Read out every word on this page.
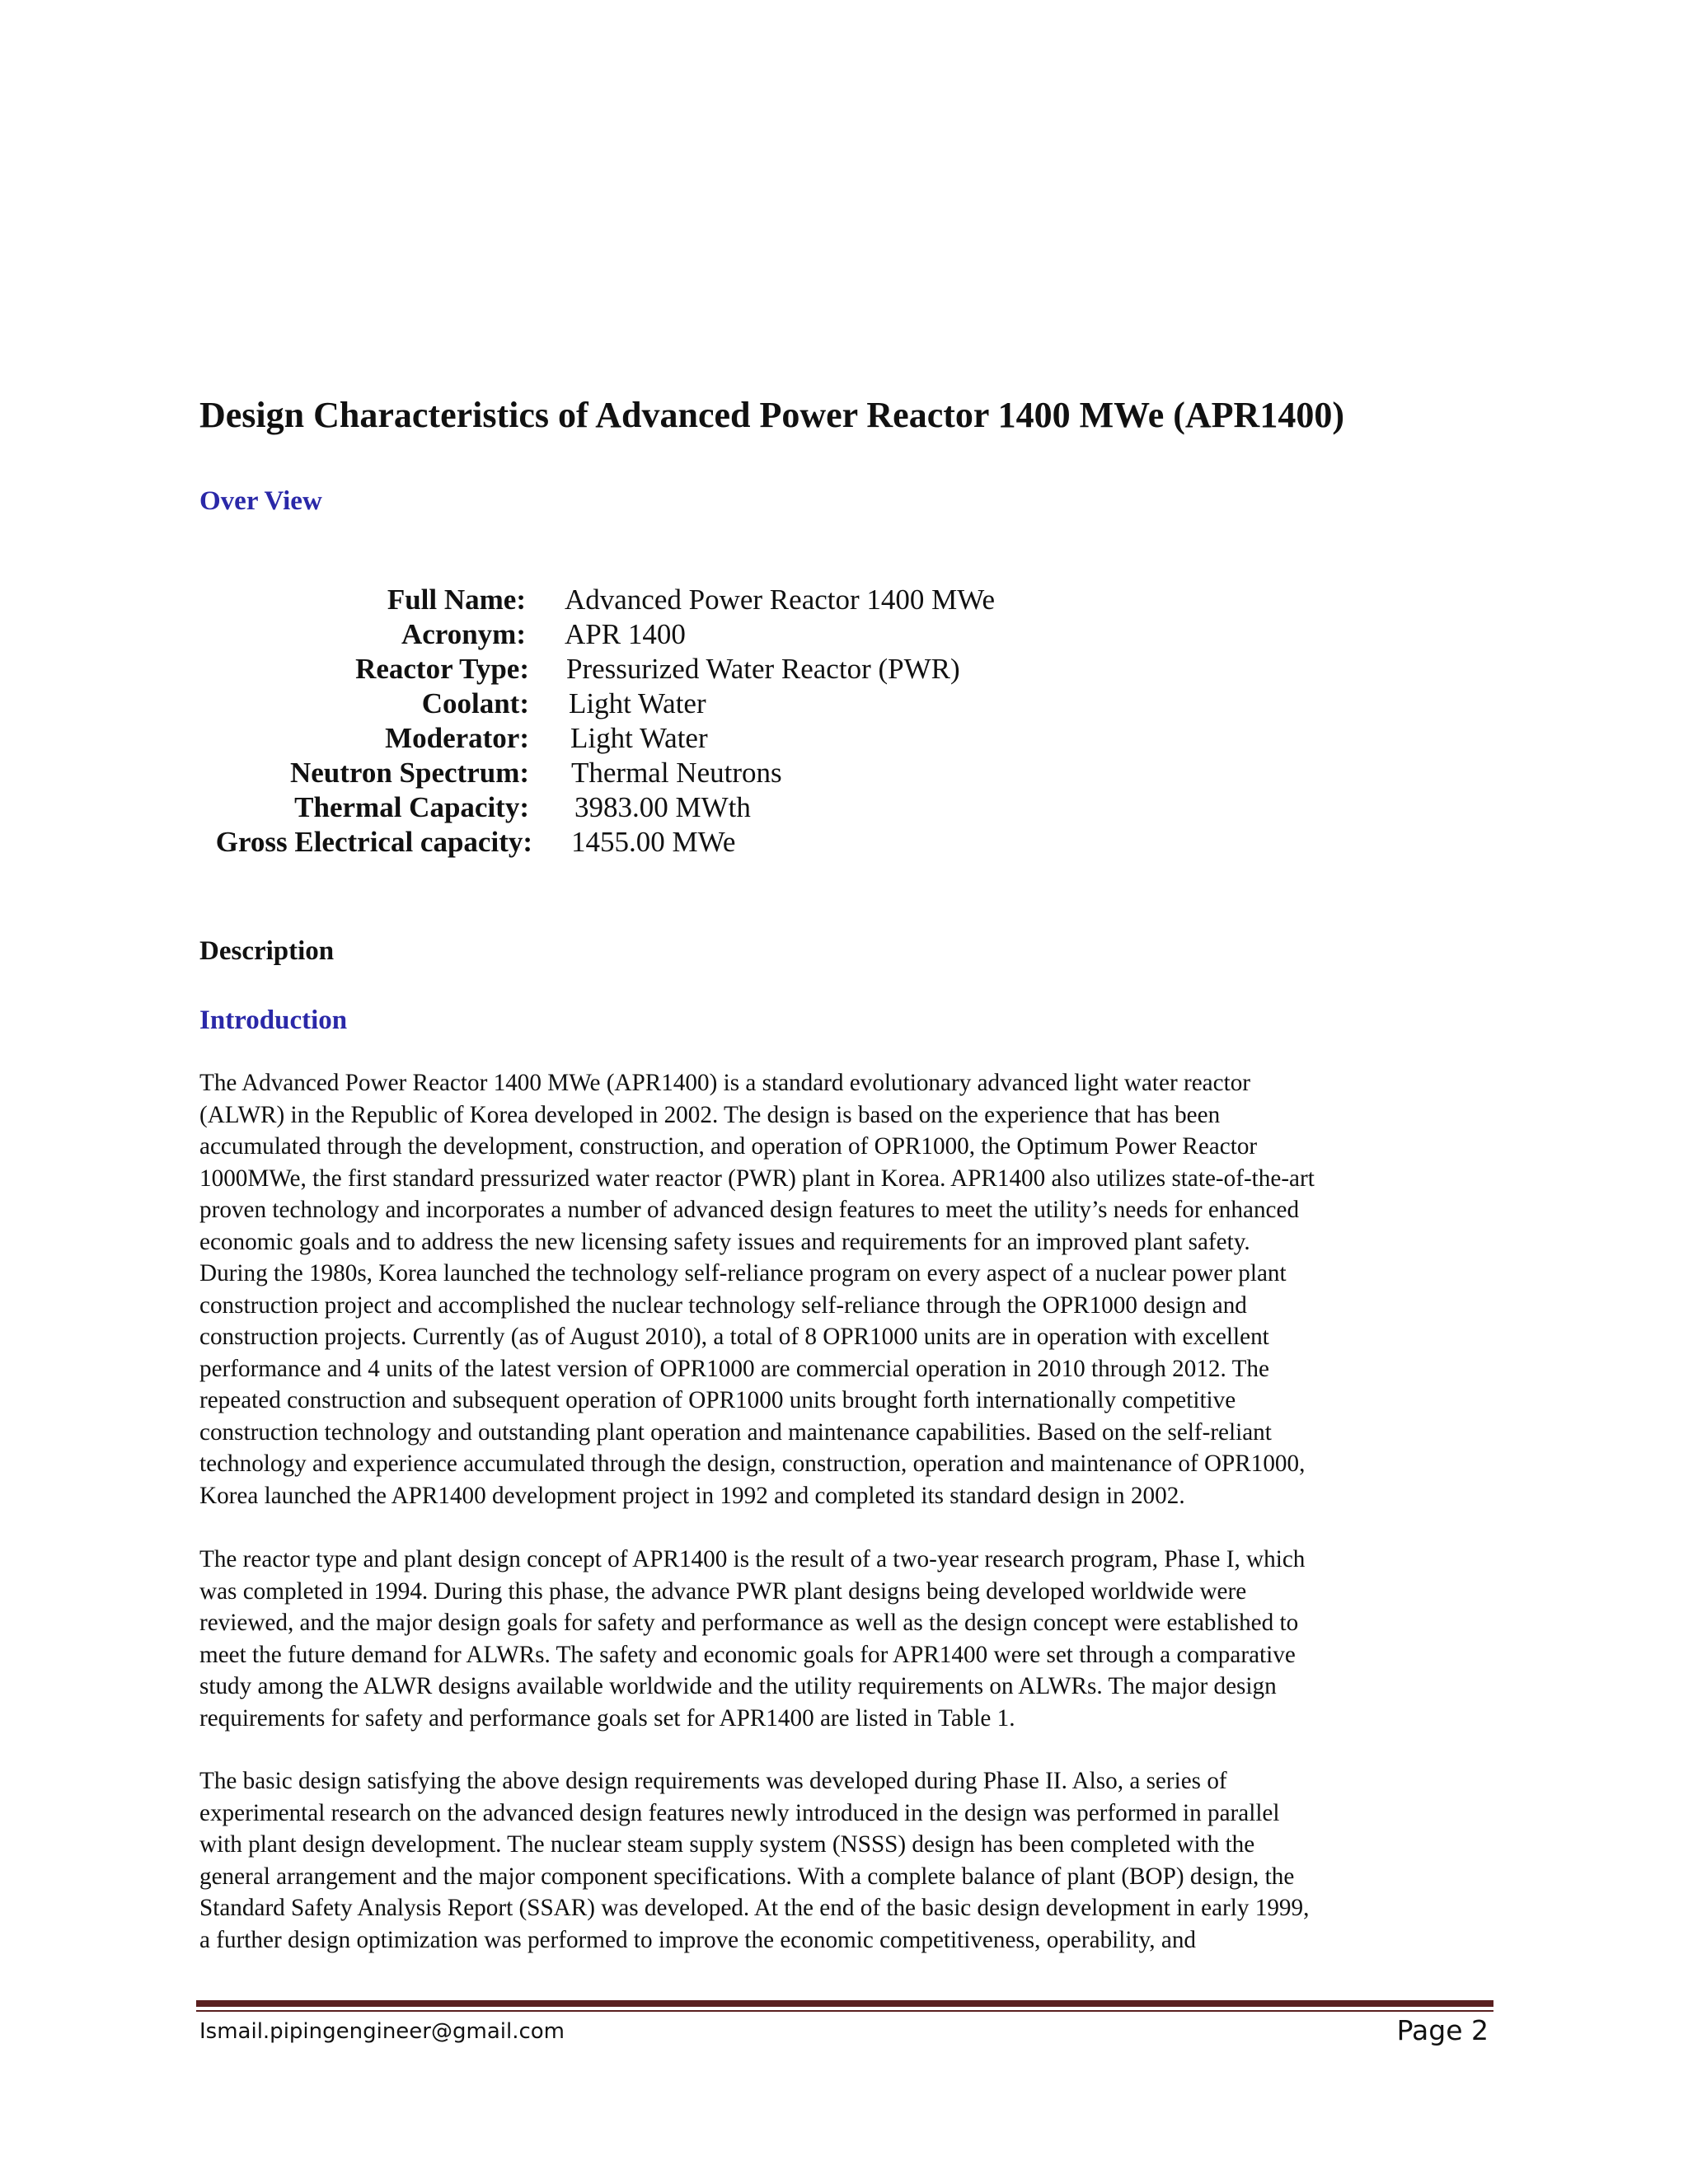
Design Characteristics of Advanced Power Reactor 1400 MWe (APR1400)
Over View
Full Name: Advanced Power Reactor 1400 MWe
Acronym: APR 1400
Reactor Type: Pressurized Water Reactor (PWR)
Coolant: Light Water
Moderator: Light Water
Neutron Spectrum: Thermal Neutrons
Thermal Capacity: 3983.00 MWth
Gross Electrical capacity: 1455.00 MWe
Description
Introduction

The Advanced Power Reactor 1400 MWe (APR1400) is a standard evolutionary advanced light water reactor
(ALWR) in the Republic of Korea developed in 2002. The design is based on the experience that has been
accumulated through the development, construction, and operation of OPR1000, the Optimum Power Reactor
1000MWe, the first standard pressurized water reactor (PWR) plant in Korea. APR1400 also utilizes state-of-the-art
proven technology and incorporates a number of advanced design features to meet the utility’s needs for enhanced
economic goals and to address the new licensing safety issues and requirements for an improved plant safety.
During the 1980s, Korea launched the technology self-reliance program on every aspect of a nuclear power plant
construction project and accomplished the nuclear technology self-reliance through the OPR1000 design and
construction projects. Currently (as of August 2010), a total of 8 OPR1000 units are in operation with excellent
performance and 4 units of the latest version of OPR1000 are commercial operation in 2010 through 2012. The
repeated construction and subsequent operation of OPR1000 units brought forth internationally competitive
construction technology and outstanding plant operation and maintenance capabilities. Based on the self-reliant
technology and experience accumulated through the design, construction, operation and maintenance of OPR1000,
Korea launched the APR1400 development project in 1992 and completed its standard design in 2002.

The reactor type and plant design concept of APR1400 is the result of a two-year research program, Phase I, which
was completed in 1994. During this phase, the advance PWR plant designs being developed worldwide were
reviewed, and the major design goals for safety and performance as well as the design concept were established to
meet the future demand for ALWRs. The safety and economic goals for APR1400 were set through a comparative
study among the ALWR designs available worldwide and the utility requirements on ALWRs. The major design
requirements for safety and performance goals set for APR1400 are listed in Table 1.

The basic design satisfying the above design requirements was developed during Phase II. Also, a series of
experimental research on the advanced design features newly introduced in the design was performed in parallel
with plant design development. The nuclear steam supply system (NSSS) design has been completed with the
general arrangement and the major component specifications. With a complete balance of plant (BOP) design, the
Standard Safety Analysis Report (SSAR) was developed. At the end of the basic design development in early 1999,
a further design optimization was performed to improve the economic competitiveness, operability, and

Ismail.pipingengineer@gmail.com	Page 2
